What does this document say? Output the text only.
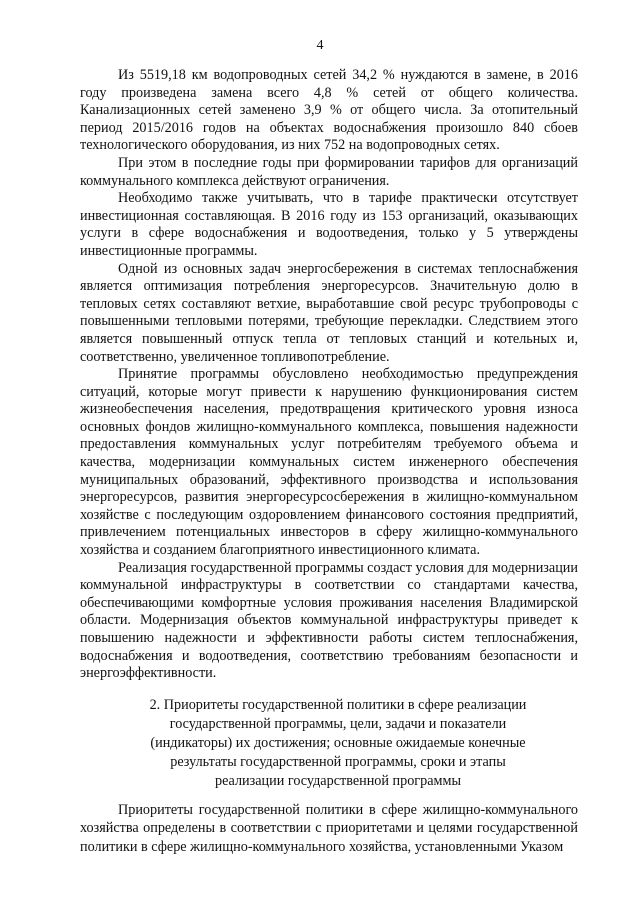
4

Из 5519,18 км водопроводных сетей 34,2 % нуждаются в замене, в 2016 году произведена замена всего 4,8 % сетей от общего количества. Канализационных сетей заменено 3,9 % от общего числа. За отопительный период 2015/2016 годов на объектах водоснабжения произошло 840 сбоев технологического оборудования, из них 752 на водопроводных сетях.

При этом в последние годы при формировании тарифов для организаций коммунального комплекса действуют ограничения.

Необходимо также учитывать, что в тарифе практически отсутствует инвестиционная составляющая. В 2016 году из 153 организаций, оказывающих услуги в сфере водоснабжения и водоотведения, только у 5 утверждены инвестиционные программы.

Одной из основных задач энергосбережения в системах теплоснабжения является оптимизация потребления энергоресурсов. Значительную долю в тепловых сетях составляют ветхие, выработавшие свой ресурс трубопроводы с повышенными тепловыми потерями, требующие перекладки. Следствием этого является повышенный отпуск тепла от тепловых станций и котельных и, соответственно, увеличенное топливопотребление.

Принятие программы обусловлено необходимостью предупреждения ситуаций, которые могут привести к нарушению функционирования систем жизнеобеспечения населения, предотвращения критического уровня износа основных фондов жилищно-коммунального комплекса, повышения надежности предоставления коммунальных услуг потребителям требуемого объема и качества, модернизации коммунальных систем инженерного обеспечения муниципальных образований, эффективного производства и использования энергоресурсов, развития энергоресурсосбережения в жилищно-коммунальном хозяйстве с последующим оздоровлением финансового состояния предприятий, привлечением потенциальных инвесторов в сферу жилищно-коммунального хозяйства и созданием благоприятного инвестиционного климата.

Реализация государственной программы создаст условия для модернизации коммунальной инфраструктуры в соответствии со стандартами качества, обеспечивающими комфортные условия проживания населения Владимирской области. Модернизация объектов коммунальной инфраструктуры приведет к повышению надежности и эффективности работы систем теплоснабжения, водоснабжения и водоотведения, соответствию требованиям безопасности и энергоэффективности.

2. Приоритеты государственной политики в сфере реализации
государственной программы, цели, задачи и показатели
(индикаторы) их достижения; основные ожидаемые конечные
результаты государственной программы, сроки и этапы
реализации государственной программы

Приоритеты государственной политики в сфере жилищно-коммунального хозяйства определены в соответствии с приоритетами и целями государственной политики в сфере жилищно-коммунального хозяйства, установленными Указом
